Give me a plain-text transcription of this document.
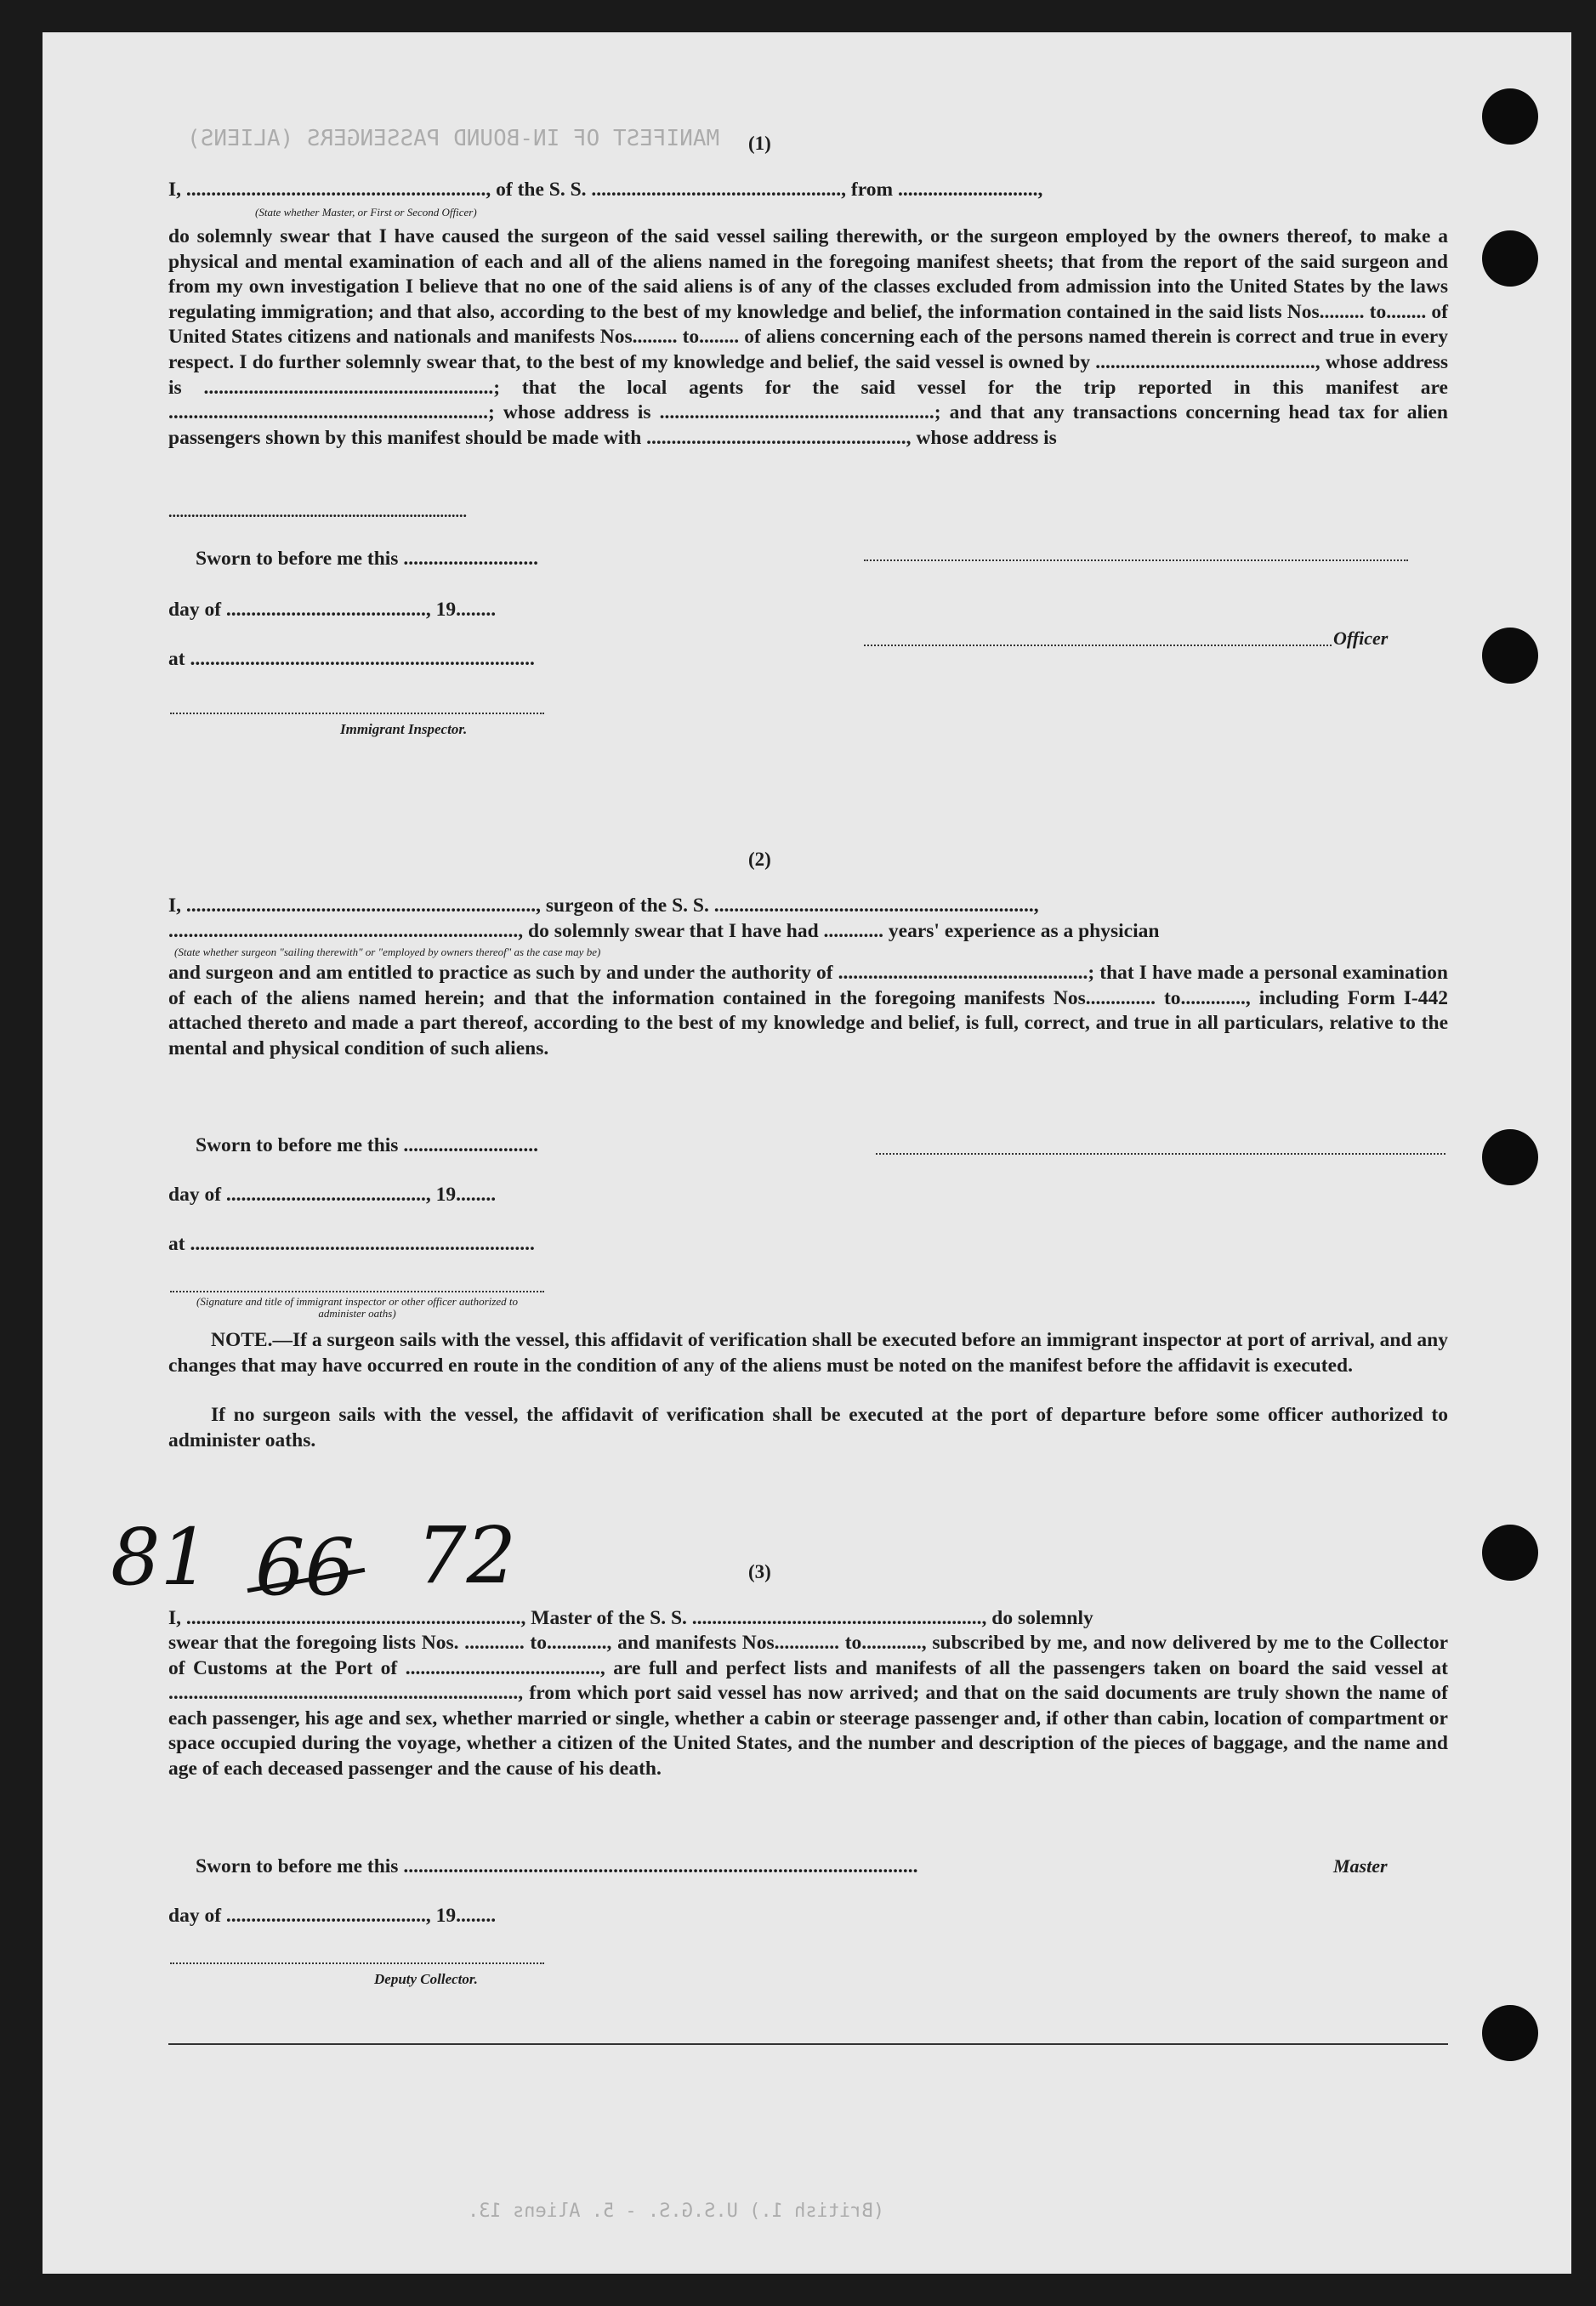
MANIFEST OF IN-BOUND PASSENGERS (ALIENS) (1)
I, ............................................................, of the S. S. .................................................., from ............................,
(State whether Master, or First or Second Officer)
do solemnly swear that I have caused the surgeon of the said vessel sailing therewith, or the surgeon employed by the owners thereof, to make a physical and mental examination of each and all of the aliens named in the foregoing manifest sheets; that from the report of the said surgeon and from my own investigation I believe that no one of the said aliens is of any of the classes excluded from admission into the United States by the laws regulating immigration; and that also, according to the best of my knowledge and belief, the information contained in the said lists Nos......... to........ of United States citizens and nationals and manifests Nos......... to........ of aliens concerning each of the persons named therein is correct and true in every respect. I do further solemnly swear that, to the best of my knowledge and belief, the said vessel is owned by ............................................, whose address is ..........................................................; that the local agents for the said vessel for the trip reported in this manifest are ................................................................; whose address is .......................................................; and that any transactions concerning head tax for alien passengers shown by this manifest should be made with ...................................................., whose address is
..............................................................................
Sworn to before me this ...........................
day of ........................................, 19........
at .....................................................................
Officer
Immigrant Inspector.
(2)
I, ......................................................................, surgeon of the S. S. ................................................................,
......................................................................, do solemnly swear that I have had ............ years' experience as a physician
(State whether surgeon "sailing therewith" or "employed by owners thereof" as the case may be)
and surgeon and am entitled to practice as such by and under the authority of ..................................................; that I have made a personal examination of each of the aliens named herein; and that the information contained in the foregoing manifests Nos.............. to............., including Form I-442 attached thereto and made a part thereof, according to the best of my knowledge and belief, is full, correct, and true in all particulars, relative to the mental and physical condition of such aliens.
Sworn to before me this ...........................
day of ........................................, 19........
at .....................................................................
(Signature and title of immigrant inspector or other officer authorized to administer oaths)
NOTE.—If a surgeon sails with the vessel, this affidavit of verification shall be executed before an immigrant inspector at port of arrival, and any changes that may have occurred en route in the condition of any of the aliens must be noted on the manifest before the affidavit is executed.
If no surgeon sails with the vessel, the affidavit of verification shall be executed at the port of departure before some officer authorized to administer oaths.
81 66 72	(3)
I, ..................................................................., Master of the S. S. .........................................................., do solemnly
swear that the foregoing lists Nos. ............ to............, and manifests Nos............. to............, subscribed by me, and now delivered by me to the Collector of Customs at the Port of ......................................., are full and perfect lists and manifests of all the passengers taken on board the said vessel at ......................................................................, from which port said vessel has now arrived; and that on the said documents are truly shown the name of each passenger, his age and sex, whether married or single, whether a cabin or steerage passenger and, if other than cabin, location of compartment or space occupied during the voyage, whether a citizen of the United States, and the number and description of the pieces of baggage, and the name and age of each deceased passenger and the cause of his death.
Sworn to before me this .......................................................................................................	Master
day of ........................................, 19........
Deputy Collector.
(British 1.) U.S.G.S. - 5. Aliens 13.
